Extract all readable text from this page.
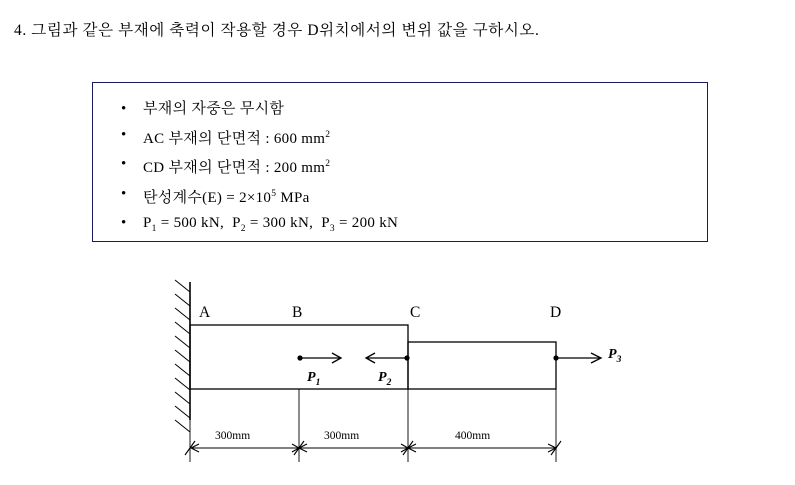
4. 그림과 같은 부재에 축력이 작용할 경우 D위치에서의 변위 값을 구하시오.
• 부재의 자중은 무시함
• AC 부재의 단면적 : 600 $mm^2$
• CD 부재의 단면적 : 200 $mm^2$
• 탄성계수$(E) = 2\times 10^5$ MPa
• $P_1 = 500$ kN,  $P_2 = 300$ kN,  $P_3 = 200$ kN
A	B	C	D
$P_1$	$P_2$
$P_3$
300mm	300mm	400mm
